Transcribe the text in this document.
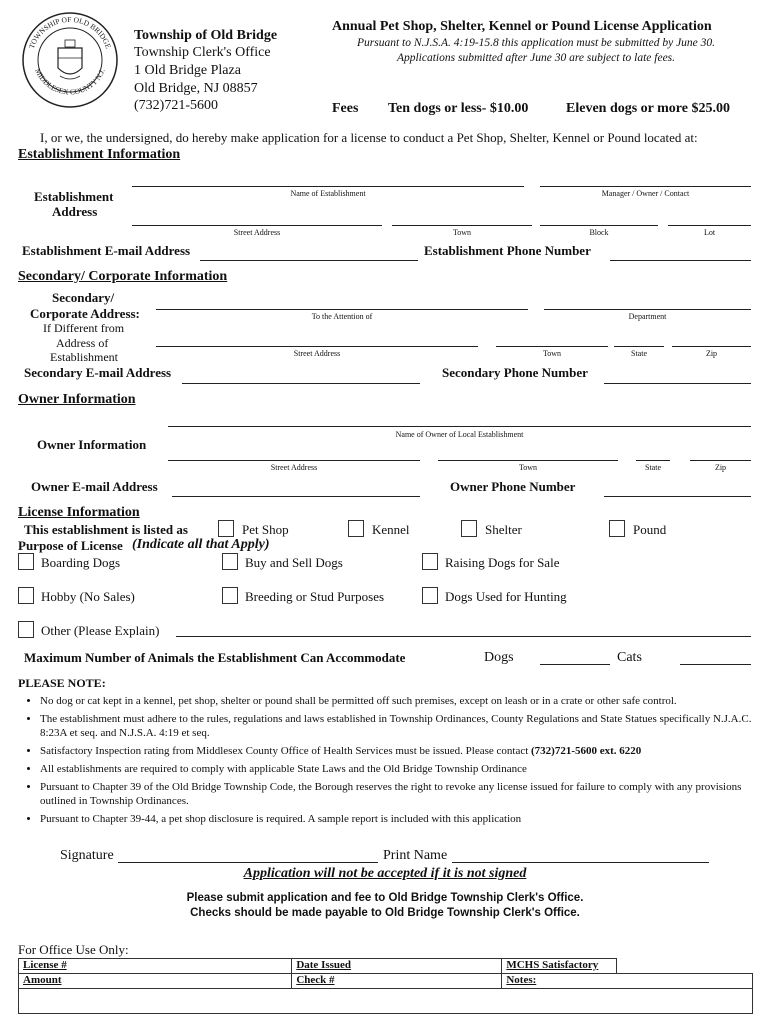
TOWNSHIP OF OLD BRIDGE
MIDDLESEX COUNTY N.J.
Township of Old Bridge
Township Clerk's Office
1 Old Bridge Plaza
Old Bridge, NJ 08857
(732)721-5600
Annual Pet Shop, Shelter, Kennel or Pound License Application
Pursuant to N.J.S.A. 4:19-15.8 this application must be submitted by June 30.
Applications submitted after June 30 are subject to late fees.
Fees Ten dogs or less- $10.00	Eleven dogs or more $25.00
I, or we, the undersigned, do hereby make application for a license to conduct a Pet Shop, Shelter, Kennel or Pound located at:
Establishment Information
Establishment
Address
Name of Establishment	Manager / Owner / Contact
Street Address	Town	Block	Lot
Establishment E-mail Address	Establishment Phone Number
Secondary/ Corporate Information
Secondary/
Corporate Address:
If Different from
Address of
Establishment
To the Attention of	Department
Street Address	Town	State	Zip
Secondary E-mail Address	Secondary Phone Number
Owner Information
Owner Information
Name of Owner of Local Establishment
Street Address	Town	State	Zip
Owner E-mail Address	Owner Phone Number
License Information
This establishment is listed as	Pet Shop	Kennel	Shelter	Pound
Purpose of License (Indicate all that Apply)
Boarding Dogs	Buy and Sell Dogs	Raising Dogs for Sale
Hobby (No Sales)	Breeding or Stud Purposes	Dogs Used for Hunting
Other (Please Explain)
Maximum Number of Animals the Establishment Can Accommodate	Dogs	Cats
PLEASE NOTE:
• No dog or cat kept in a kennel, pet shop, shelter or pound shall be permitted off such premises, except on leash or in a crate or other safe control.
• The establishment must adhere to the rules, regulations and laws established in Township Ordinances, County Regulations and State Statues specifically N.J.A.C. 8:23A et seq. and N.J.S.A. 4:19 et seq.
• Satisfactory Inspection rating from Middlesex County Office of Health Services must be issued. Please contact (732)721-5600 ext. 6220
• All establishments are required to comply with applicable State Laws and the Old Bridge Township Ordinance
• Pursuant to Chapter 39 of the Old Bridge Township Code, the Borough reserves the right to revoke any license issued for failure to comply with any provisions outlined in Township Ordinances.
• Pursuant to Chapter 39-44, a pet shop disclosure is required. A sample report is included with this application
Signature	Print Name
Application will not be accepted if it is not signed
Please submit application and fee to Old Bridge Township Clerk's Office.
Checks should be made payable to Old Bridge Township Clerk's Office.
For Office Use Only:
License #	Date Issued	MCHS Satisfactory	
Amount	Check #	Notes:	
